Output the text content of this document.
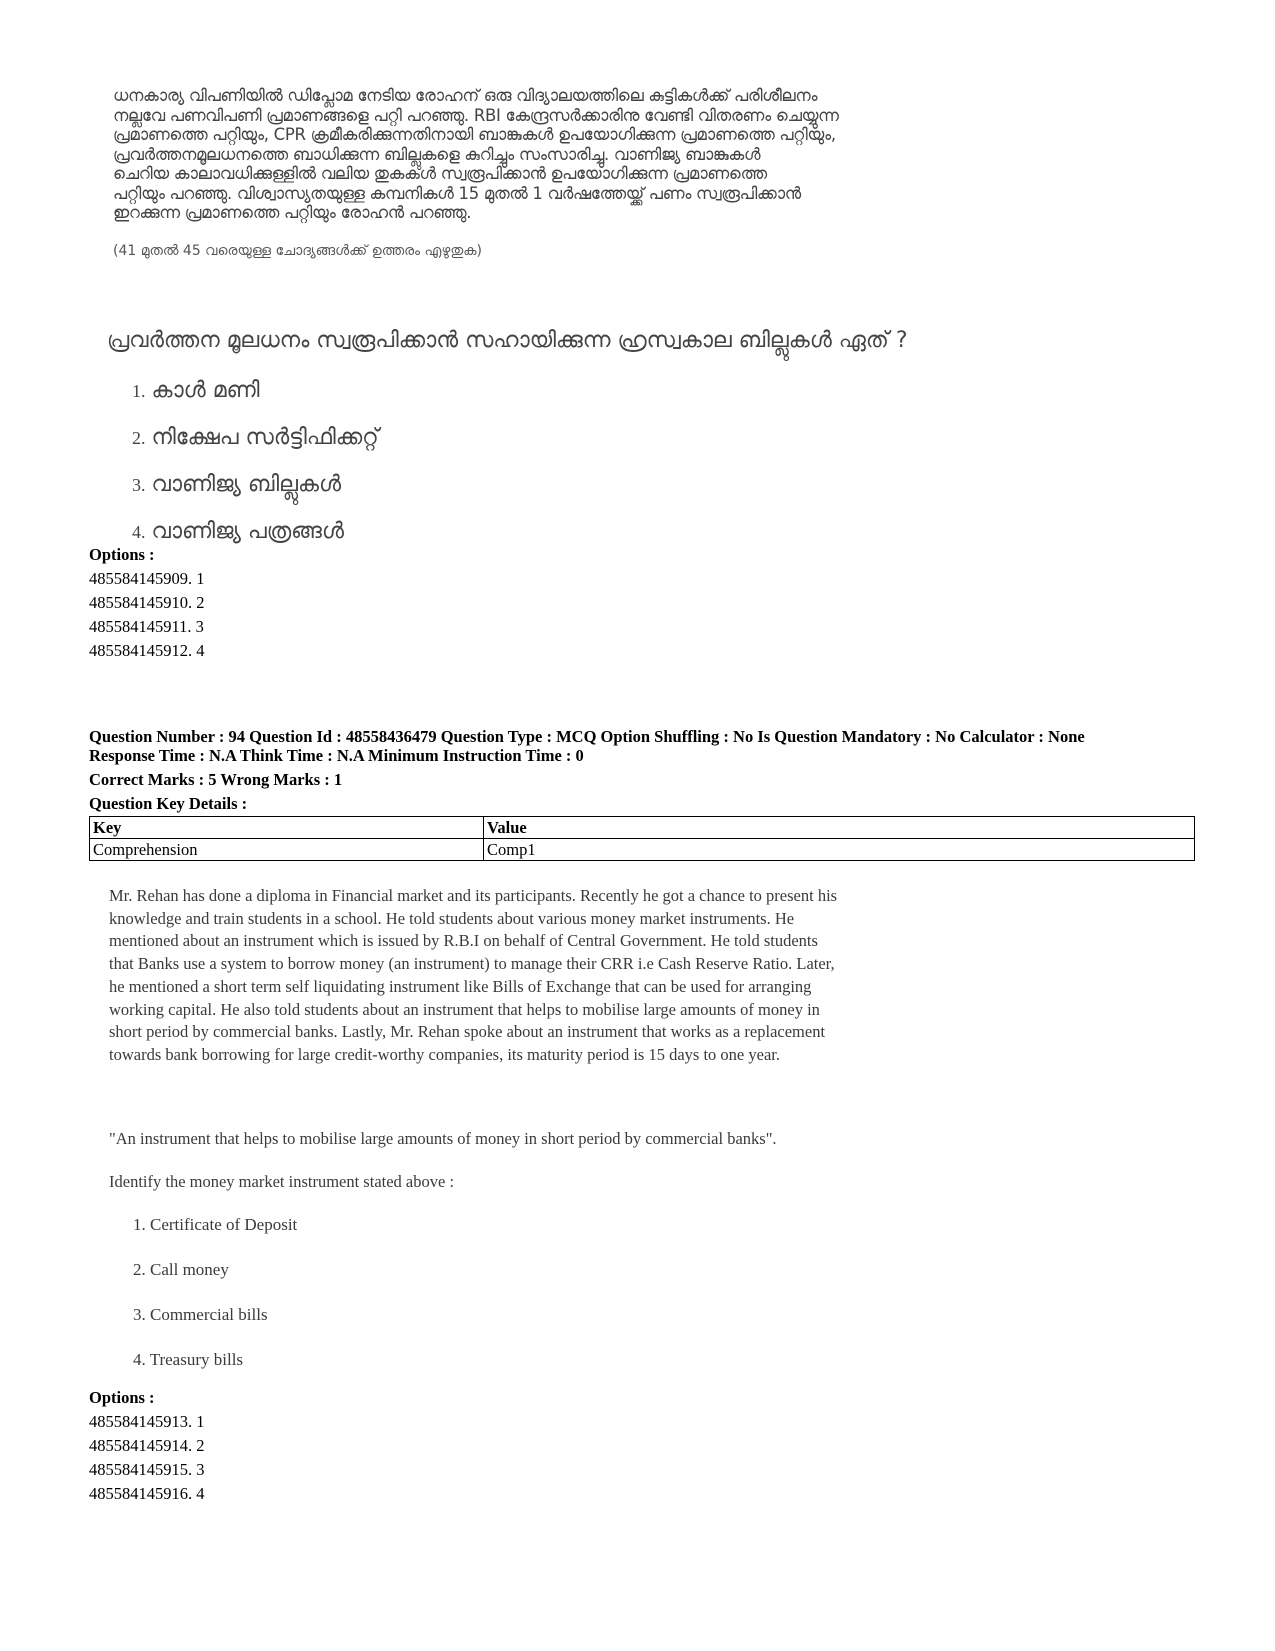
ധനകാര്യ വിപണിയിൽ ഡിപ്ലോമ നേടിയ രോഹന് ഒരു വിദ്യാലയത്തിലെ കുട്ടികൾക്ക് പരിശീലനം
നല്ലവേ പണവിപണി പ്രമാണങ്ങളെ പറ്റി പറഞ്ഞു. RBI കേന്ദ്രസർക്കാരിനു വേണ്ടി വിതരണം ചെയ്യുന്ന
പ്രമാണത്തെ പറ്റിയും, CPR ക്രമീകരിക്കുന്നതിനായി ബാങ്കുകൾ ഉപയോഗിക്കുന്ന പ്രമാണത്തെ പറ്റിയും,
പ്രവർത്തനമൂലധനത്തെ ബാധിക്കുന്ന ബില്ലുകളെ കുറിച്ചും സംസാരിച്ചു. വാണിജ്യ ബാങ്കുകൾ
ചെറിയ കാലാവധിക്കുള്ളിൽ വലിയ തുകകൾ സ്വരൂപിക്കാൻ ഉപയോഗിക്കുന്ന പ്രമാണത്തെ
പറ്റിയും പറഞ്ഞു. വിശ്വാസ്യതയുള്ള കമ്പനികൾ 15 മുതൽ 1 വർഷത്തേയ്ക്ക് പണം സ്വരൂപിക്കാൻ
ഇറക്കുന്ന പ്രമാണത്തെ പറ്റിയും രോഹൻ പറഞ്ഞു.
(41 മുതൽ 45 വരെയുള്ള ചോദ്യങ്ങൾക്ക് ഉത്തരം എഴുതുക)
പ്രവർത്തന മൂലധനം സ്വരൂപിക്കാൻ സഹായിക്കുന്ന ഹ്രസ്വകാല ബില്ലുകൾ ഏത് ?
1. കാൾ മണി
2. നിക്ഷേപ സർട്ടിഫിക്കറ്റ്
3. വാണിജ്യ ബില്ലുകൾ
4. വാണിജ്യ പത്രങ്ങൾ
Options :
485584145909. 1
485584145910. 2
485584145911. 3
485584145912. 4
Question Number : 94 Question Id : 48558436479 Question Type : MCQ Option Shuffling : No Is Question Mandatory : No Calculator : None
Response Time : N.A Think Time : N.A Minimum Instruction Time : 0
Correct Marks : 5 Wrong Marks : 1
Question Key Details :
Key	Value
Comprehension	Comp1
Mr. Rehan has done a diploma in Financial market and its participants. Recently he got a chance to present his
knowledge and train students in a school. He told students about various money market instruments. He
mentioned about an instrument which is issued by R.B.I on behalf of Central Government. He told students
that Banks use a system to borrow money (an instrument) to manage their CRR i.e Cash Reserve Ratio. Later,
he mentioned a short term self liquidating instrument like Bills of Exchange that can be used for arranging
working capital. He also told students about an instrument that helps to mobilise large amounts of money in
short period by commercial banks. Lastly, Mr. Rehan spoke about an instrument that works as a replacement
towards bank borrowing for large credit-worthy companies, its maturity period is 15 days to one year.
"An instrument that helps to mobilise large amounts of money in short period by commercial banks".
Identify the money market instrument stated above :
1. Certificate of Deposit
2. Call money
3. Commercial bills
4. Treasury bills
Options :
485584145913. 1
485584145914. 2
485584145915. 3
485584145916. 4
